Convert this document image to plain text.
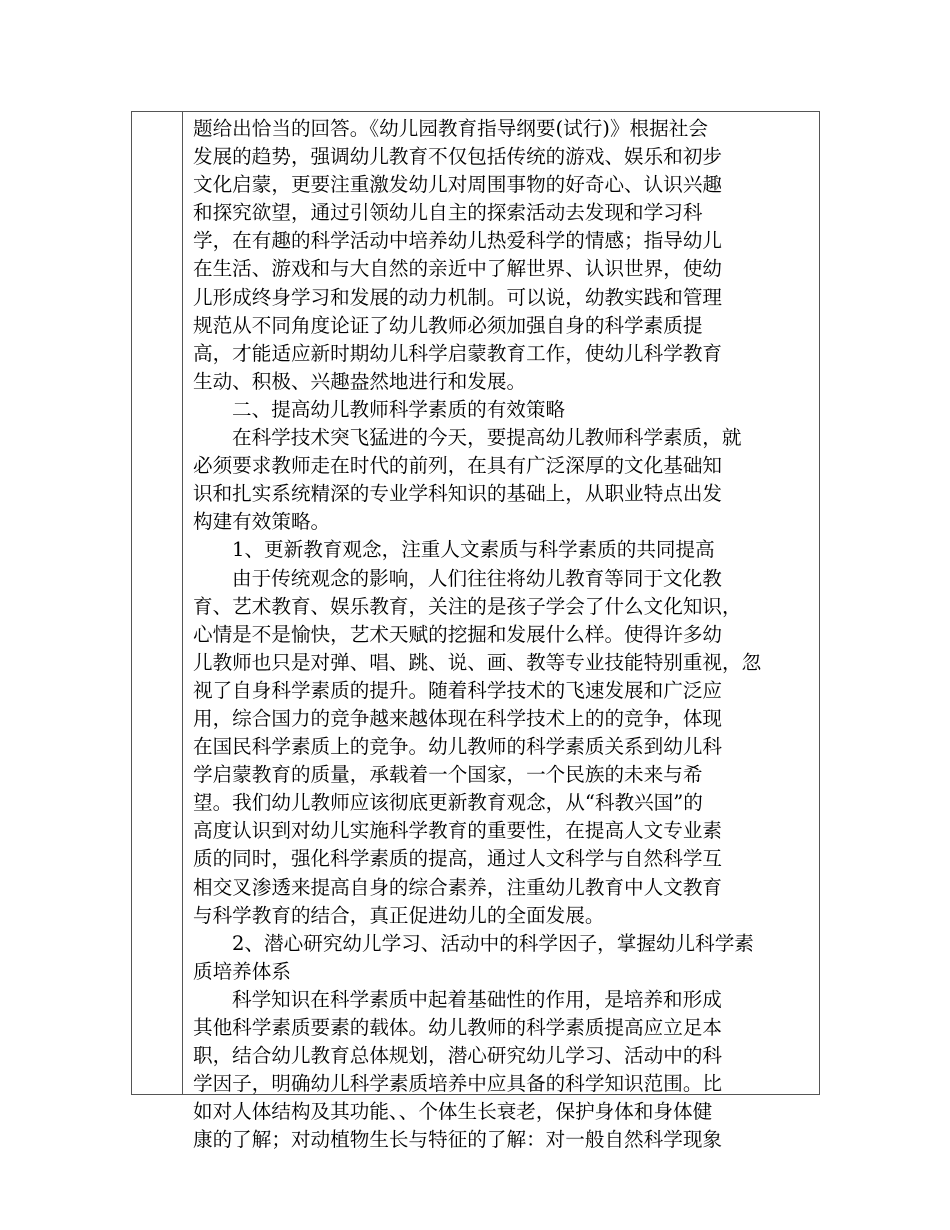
题给出恰当的回答。《幼儿园教育指导纲要(试行)》根据社会
发展的趋势，强调幼儿教育不仅包括传统的游戏、娱乐和初步
文化启蒙，更要注重激发幼儿对周围事物的好奇心、认识兴趣
和探究欲望，通过引领幼儿自主的探索活动去发现和学习科
学，在有趣的科学活动中培养幼儿热爱科学的情感；指导幼儿
在生活、游戏和与大自然的亲近中了解世界、认识世界，使幼
儿形成终身学习和发展的动力机制。可以说，幼教实践和管理
规范从不同角度论证了幼儿教师必须加强自身的科学素质提
高，才能适应新时期幼儿科学启蒙教育工作，使幼儿科学教育
生动、积极、兴趣盎然地进行和发展。
二、提高幼儿教师科学素质的有效策略
在科学技术突飞猛进的今天，要提高幼儿教师科学素质，就
必须要求教师走在时代的前列，在具有广泛深厚的文化基础知
识和扎实系统精深的专业学科知识的基础上，从职业特点出发
构建有效策略。
1、更新教育观念，注重人文素质与科学素质的共同提高
由于传统观念的影响，人们往往将幼儿教育等同于文化教
育、艺术教育、娱乐教育，关注的是孩子学会了什么文化知识，
心情是不是愉快，艺术天赋的挖掘和发展什么样。使得许多幼
儿教师也只是对弹、唱、跳、说、画、教等专业技能特别重视，忽
视了自身科学素质的提升。随着科学技术的飞速发展和广泛应
用，综合国力的竞争越来越体现在科学技术上的的竞争，体现
在国民科学素质上的竞争。幼儿教师的科学素质关系到幼儿科
学启蒙教育的质量，承载着一个国家，一个民族的未来与希
望。我们幼儿教师应该彻底更新教育观念，从“科教兴国”的
高度认识到对幼儿实施科学教育的重要性，在提高人文专业素
质的同时，强化科学素质的提高，通过人文科学与自然科学互
相交叉渗透来提高自身的综合素养，注重幼儿教育中人文教育
与科学教育的结合，真正促进幼儿的全面发展。
2、潜心研究幼儿学习、活动中的科学因子，掌握幼儿科学素
质培养体系
科学知识在科学素质中起着基础性的作用，是培养和形成
其他科学素质要素的载体。幼儿教师的科学素质提高应立足本
职，结合幼儿教育总体规划，潜心研究幼儿学习、活动中的科
学因子，明确幼儿科学素质培养中应具备的科学知识范围。比
如对人体结构及其功能、、个体生长衰老，保护身体和身体健
康的了解；对动植物生长与特征的了解：对一般自然科学现象
